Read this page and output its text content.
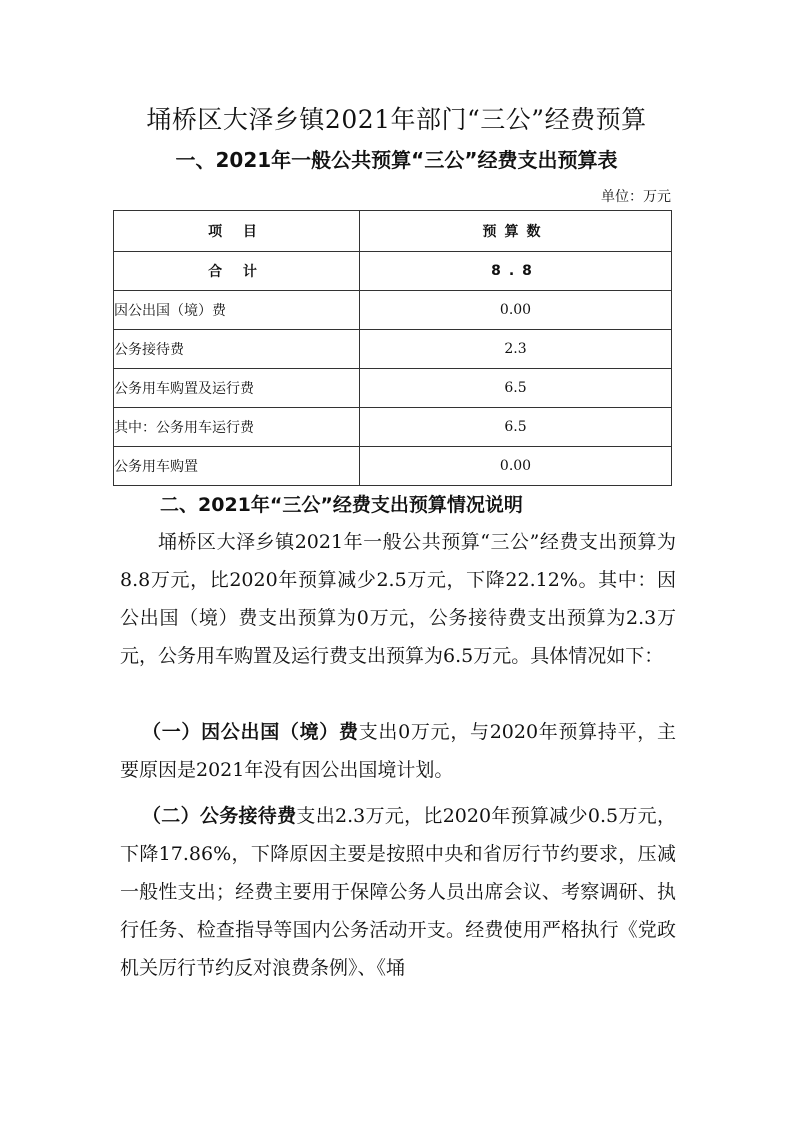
埇桥区大泽乡镇2021年部门“三公”经费预算
一、2021年一般公共预算“三公”经费支出预算表
单位：万元
项 目	预算数
合 计	8.8
因公出国（境）费	0.00
公务接待费	2.3
公务用车购置及运行费	6.5
其中：公务用车运行费	6.5
公务用车购置	0.00
二、2021年“三公”经费支出预算情况说明

埇桥区大泽乡镇2021年一般公共预算“三公”经费支出预算为8.8万元，比2020年预算减少2.5万元，下降22.12%。其中：因公出国（境）费支出预算为0万元，公务接待费支出预算为2.3万元，公务用车购置及运行费支出预算为6.5万元。具体情况如下：

（一）因公出国（境）费支出0万元，与2020年预算持平，主要原因是2021年没有因公出国境计划。

（二）公务接待费支出2.3万元，比2020年预算减少0.5万元，下降17.86%，下降原因主要是按照中央和省厉行节约要求，压减一般性支出；经费主要用于保障公务人员出席会议、考察调研、执行任务、检查指导等国内公务活动开支。经费使用严格执行《党政机关厉行节约反对浪费条例》、《埇
